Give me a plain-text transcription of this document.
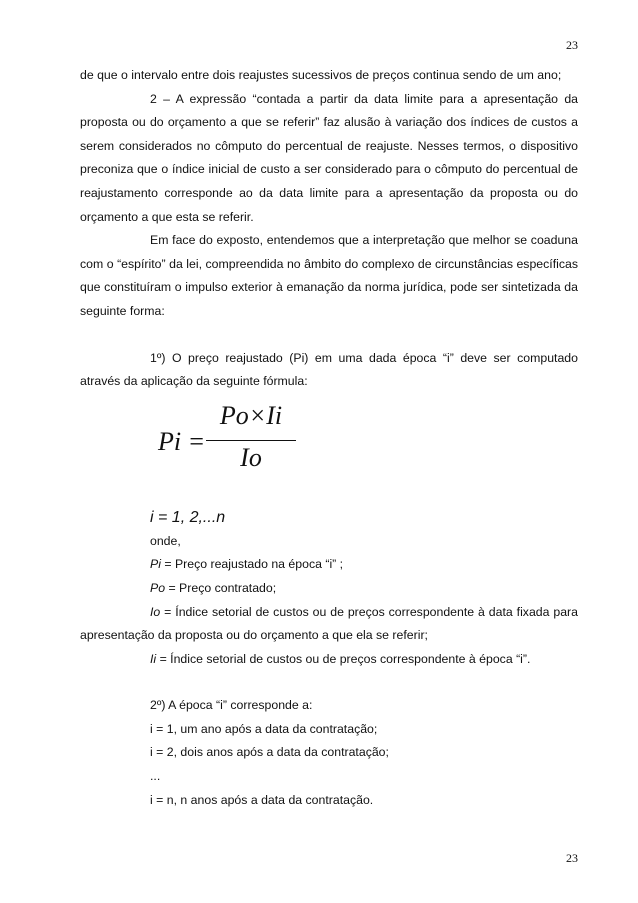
23

de que o intervalo entre dois reajustes sucessivos de preços continua sendo de um ano;

2 – A expressão “contada a partir da data limite para a apresentação da proposta ou do orçamento a que se referir” faz alusão à variação dos índices de custos a serem considerados no cômputo do percentual de reajuste. Nesses termos, o dispositivo preconiza que o índice inicial de custo a ser considerado para o cômputo do percentual de reajustamento corresponde ao da data limite para a apresentação da proposta ou do orçamento a que esta se referir.

Em face do exposto, entendemos que a interpretação que melhor se coaduna com o “espírito” da lei, compreendida no âmbito do complexo de circunstâncias específicas que constituíram o impulso exterior à emanação da norma jurídica, pode ser sintetizada da seguinte forma:

1º) O preço reajustado (Pi) em uma dada época “i” deve ser computado através da aplicação da seguinte fórmula:

Pi =
Po×Ii
Io
i = 1, 2,...n

onde,

Pi = Preço reajustado na época “i” ;

Po = Preço contratado;

Io = Índice setorial de custos ou de preços correspondente à data fixada para apresentação da proposta ou do orçamento a que ela se referir;

Ii = Índice setorial de custos ou de preços correspondente à época “i”.

2º) A época “i” corresponde a:

i = 1, um ano após a data da contratação;

i = 2, dois anos após a data da contratação;

...

i = n, n anos após a data da contratação.

23
